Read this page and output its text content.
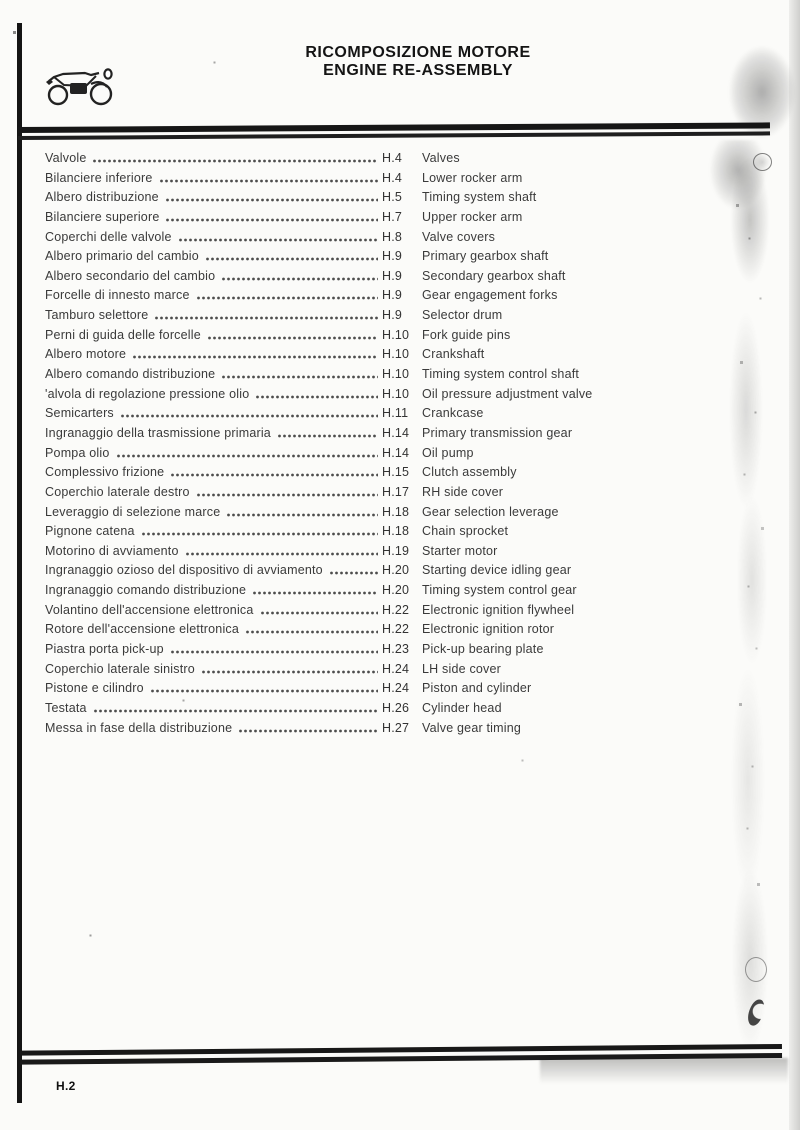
RICOMPOSIZIONE MOTORE
ENGINE RE-ASSEMBLY
Valvole	H.4	Valves
Bilanciere inferiore	H.4	Lower rocker arm
Albero distribuzione	H.5	Timing system shaft
Bilanciere superiore	H.7	Upper rocker arm
Coperchi delle valvole	H.8	Valve covers
Albero primario del cambio	H.9	Primary gearbox shaft
Albero secondario del cambio	H.9	Secondary gearbox shaft
Forcelle di innesto marce	H.9	Gear engagement forks
Tamburo selettore	H.9	Selector drum
Perni di guida delle forcelle	H.10	Fork guide pins
Albero motore	H.10	Crankshaft
Albero comando distribuzione	H.10	Timing system control shaft
'alvola di regolazione pressione olio	H.10	Oil pressure adjustment valve
Semicarters	H.11	Crankcase
Ingranaggio della trasmissione primaria	H.14	Primary transmission gear
Pompa olio	H.14	Oil pump
Complessivo frizione	H.15	Clutch assembly
Coperchio laterale destro	H.17	RH side cover
Leveraggio di selezione marce	H.18	Gear selection leverage
Pignone catena	H.18	Chain sprocket
Motorino di avviamento	H.19	Starter motor
Ingranaggio ozioso del dispositivo di avviamento	H.20	Starting device idling gear
Ingranaggio comando distribuzione	H.20	Timing system control gear
Volantino dell'accensione elettronica	H.22	Electronic ignition flywheel
Rotore dell'accensione elettronica	H.22	Electronic ignition rotor
Piastra porta pick-up	H.23	Pick-up bearing plate
Coperchio laterale sinistro	H.24	LH side cover
Pistone e cilindro	H.24	Piston and cylinder
Testata	H.26	Cylinder head
Messa in fase della distribuzione	H.27	Valve gear timing
H.2
